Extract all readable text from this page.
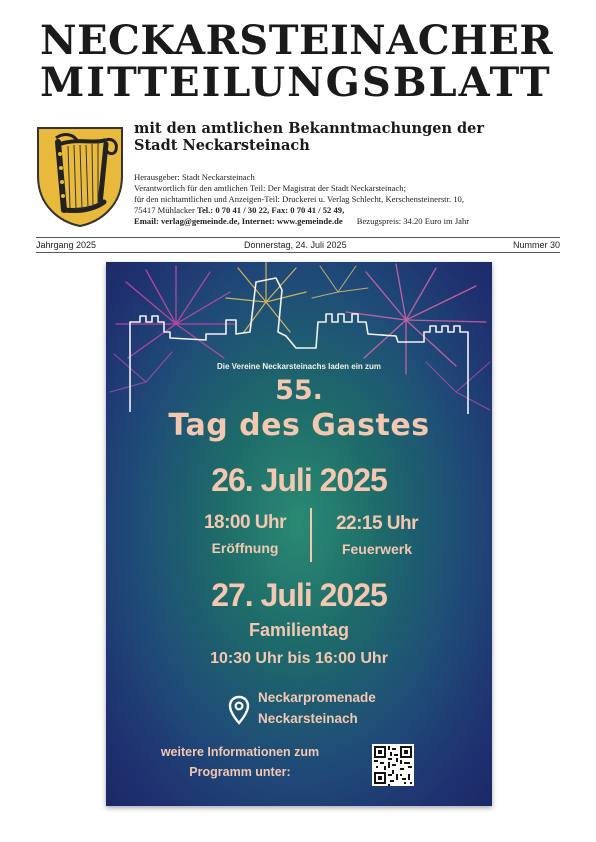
NECKARSTEINACHER
MITTEILUNGSBLATT
mit den amtlichen Bekanntmachungen der
Stadt Neckarsteinach
Herausgeber: Stadt Neckarsteinach
Verantwortlich für den amtlichen Teil: Der Magistrat der Stadt Neckarsteinach;
für den nichtamtlichen und Anzeigen-Teil: Druckerei u. Verlag Schlecht, Kerschensteinerstr. 10,
75417 Mühlacker Tel.: 0 70 41 / 30 22, Fax: 0 70 41 / 52 49,
Email: verlag@gemeinde.de, Internet: www.gemeinde.de Bezugspreis: 34.20 Euro im Jahr
Jahrgang 2025	Donnerstag, 24. Juli 2025	Nummer 30
Die Vereine Neckarsteinachs laden ein zum
55.
Tag des Gastes
26. Juli 2025
18:00 Uhr
Eröffnung
22:15 Uhr
Feuerwerk
27. Juli 2025
Familientag
10:30 Uhr bis 16:00 Uhr
Neckarpromenade
Neckarsteinach
weitere Informationen zum
Programm unter:
